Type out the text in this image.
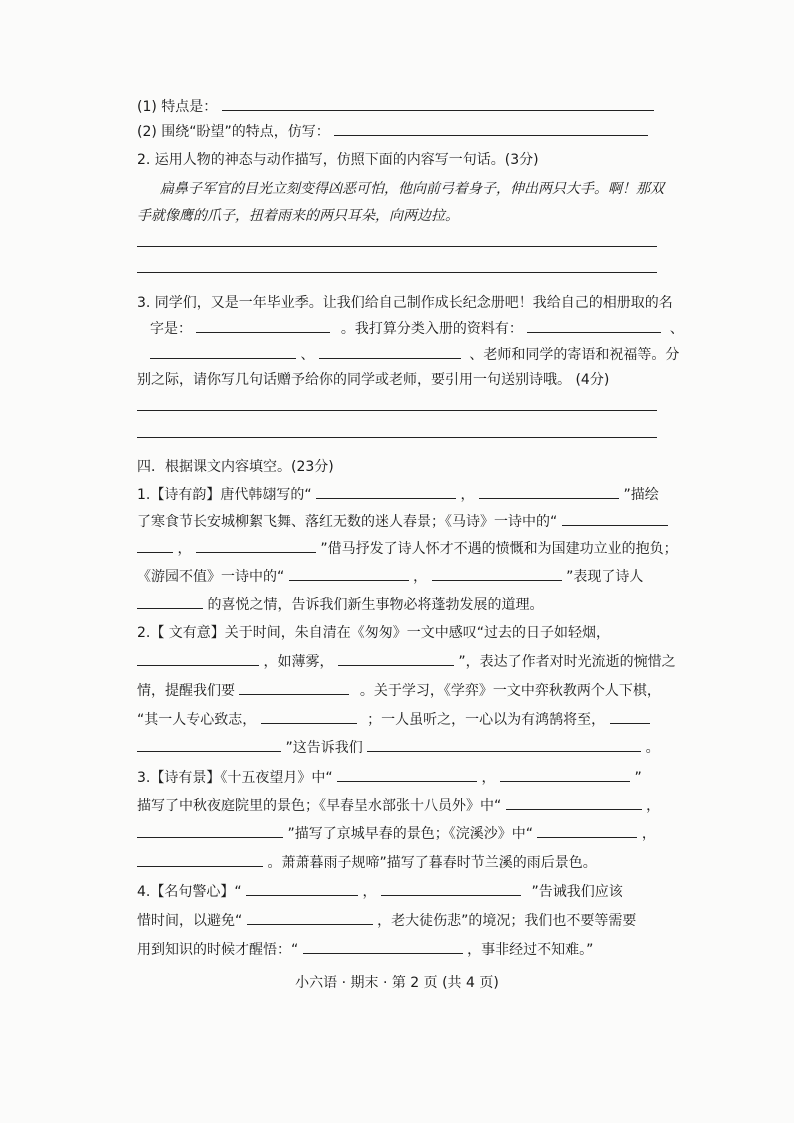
(1) 特点是：
(2) 围绕“盼望”的特点，仿写：
2. 运用人物的神态与动作描写，仿照下面的内容写一句话。(3分)
扁鼻子军官的目光立刻变得凶恶可怕，他向前弓着身子，伸出两只大手。啊！那双
手就像鹰的爪子，扭着雨来的两只耳朵，向两边拉。
3. 同学们，又是一年毕业季。让我们给自己制作成长纪念册吧！我给自己的相册取的名
字是：	。我打算分类入册的资料有：	、
、	、老师和同学的寄语和祝福等。分
别之际，请你写几句话赠予给你的同学或老师，要引用一句送别诗哦。 (4分)
四．根据课文内容填空。(23分)
1.【诗有韵】唐代韩翃写的“	，	”描绘
了寒食节长安城柳絮飞舞、落红无数的迷人春景；《马诗》一诗中的“
，	”借马抒发了诗人怀才不遇的愤慨和为国建功立业的抱负；
《游园不值》一诗中的“	，	”表现了诗人
的喜悦之情，告诉我们新生事物必将蓬勃发展的道理。
2.【 文有意】关于时间，朱自清在《匆匆》一文中感叹“过去的日子如轻烟，
，如薄雾，	”，表达了作者对时光流逝的惋惜之
情，提醒我们要	。关于学习，《学弈》一文中弈秋教两个人下棋，
“其一人专心致志，	；一人虽听之，一心以为有鸿鹄将至，
”这告诉我们	。
3.【诗有景】《十五夜望月》中“	，	”
描写了中秋夜庭院里的景色；《早春呈水部张十八员外》中“	，
”描写了京城早春的景色；《浣溪沙》中“	，
。萧萧暮雨子规啼”描写了暮春时节兰溪的雨后景色。
4.【名句警心】“	，	”告诫我们应该
惜时间，以避免“	，老大徒伤悲”的境况；我们也不要等需要
用到知识的时候才醒悟：“	，事非经过不知难。”
小六语 · 期末 · 第 2 页 (共 4 页)
